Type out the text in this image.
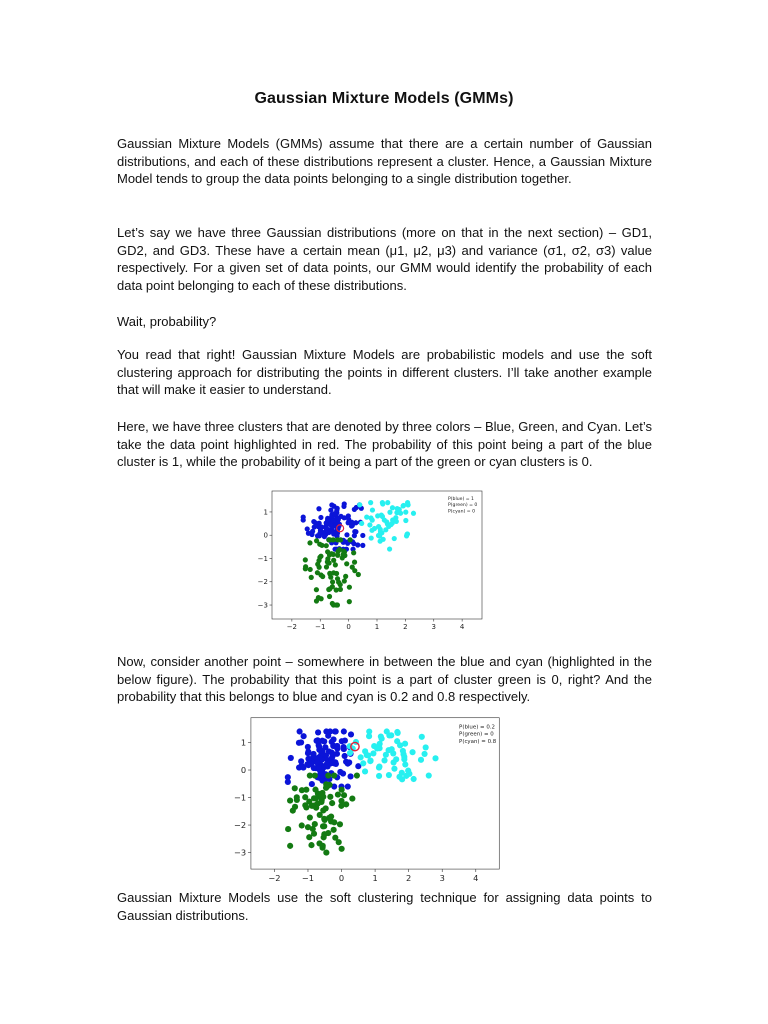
Gaussian Mixture Models (GMMs)
Gaussian Mixture Models (GMMs) assume that there are a certain number of Gaussian distributions, and each of these distributions represent a cluster. Hence, a Gaussian Mixture Model tends to group the data points belonging to a single distribution together.
Let’s say we have three Gaussian distributions (more on that in the next section) – GD1, GD2, and GD3. These have a certain mean (μ1, μ2, μ3) and variance (σ1, σ2, σ3) value respectively. For a given set of data points, our GMM would identify the probability of each data point belonging to each of these distributions.
Wait, probability?
You read that right! Gaussian Mixture Models are probabilistic models and use the soft clustering approach for distributing the points in different clusters. I’ll take another example that will make it easier to understand.
Here, we have three clusters that are denoted by three colors – Blue, Green, and Cyan. Let’s take the data point highlighted in red. The probability of this point being a part of the blue cluster is 1, while the probability of it being a part of the green or cyan clusters is 0.
−2	−1	0	1	2	3	4
1
0
−1
−2
−3
P(blue) = 1
P(green) = 0
P(cyan) = 0
Now, consider another point – somewhere in between the blue and cyan (highlighted in the below figure). The probability that this point is a part of cluster green is 0, right? And the probability that this belongs to blue and cyan is 0.2 and 0.8 respectively.
−2	−1	0	1	2	3	4
1
0
−1
−2
−3
P(blue) = 0.2
P(green) = 0
P(cyan) = 0.8
Gaussian Mixture Models use the soft clustering technique for assigning data points to Gaussian distributions.
